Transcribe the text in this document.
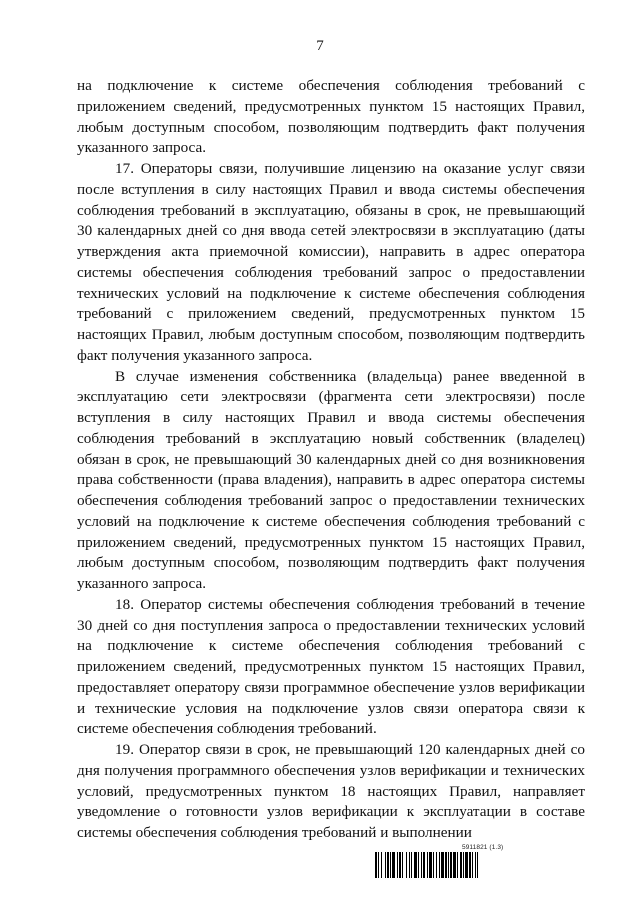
7

на подключение к системе обеспечения соблюдения требований с приложением сведений, предусмотренных пунктом 15 настоящих Правил, любым доступным способом, позволяющим подтвердить факт получения указанного запроса.

17. Операторы связи, получившие лицензию на оказание услуг связи после вступления в силу настоящих Правил и ввода системы обеспечения соблюдения требований в эксплуатацию, обязаны в срок, не превышающий 30 календарных дней со дня ввода сетей электросвязи в эксплуатацию (даты утверждения акта приемочной комиссии), направить в адрес оператора системы обеспечения соблюдения требований запрос о предоставлении технических условий на подключение к системе обеспечения соблюдения требований с приложением сведений, предусмотренных пунктом 15 настоящих Правил, любым доступным способом, позволяющим подтвердить факт получения указанного запроса.

В случае изменения собственника (владельца) ранее введенной в эксплуатацию сети электросвязи (фрагмента сети электросвязи) после вступления в силу настоящих Правил и ввода системы обеспечения соблюдения требований в эксплуатацию новый собственник (владелец) обязан в срок, не превышающий 30 календарных дней со дня возникновения права собственности (права владения), направить в адрес оператора системы обеспечения соблюдения требований запрос о предоставлении технических условий на подключение к системе обеспечения соблюдения требований с приложением сведений, предусмотренных пунктом 15 настоящих Правил, любым доступным способом, позволяющим подтвердить факт получения указанного запроса.

18. Оператор системы обеспечения соблюдения требований в течение 30 дней со дня поступления запроса о предоставлении технических условий на подключение к системе обеспечения соблюдения требований с приложением сведений, предусмотренных пунктом 15 настоящих Правил, предоставляет оператору связи программное обеспечение узлов верификации и технические условия на подключение узлов связи оператора связи к системе обеспечения соблюдения требований.

19. Оператор связи в срок, не превышающий 120 календарных дней со дня получения программного обеспечения узлов верификации и технических условий, предусмотренных пунктом 18 настоящих Правил, направляет уведомление о готовности узлов верификации к эксплуатации в составе системы обеспечения соблюдения требований и выполнении

5911821 (1.3)
